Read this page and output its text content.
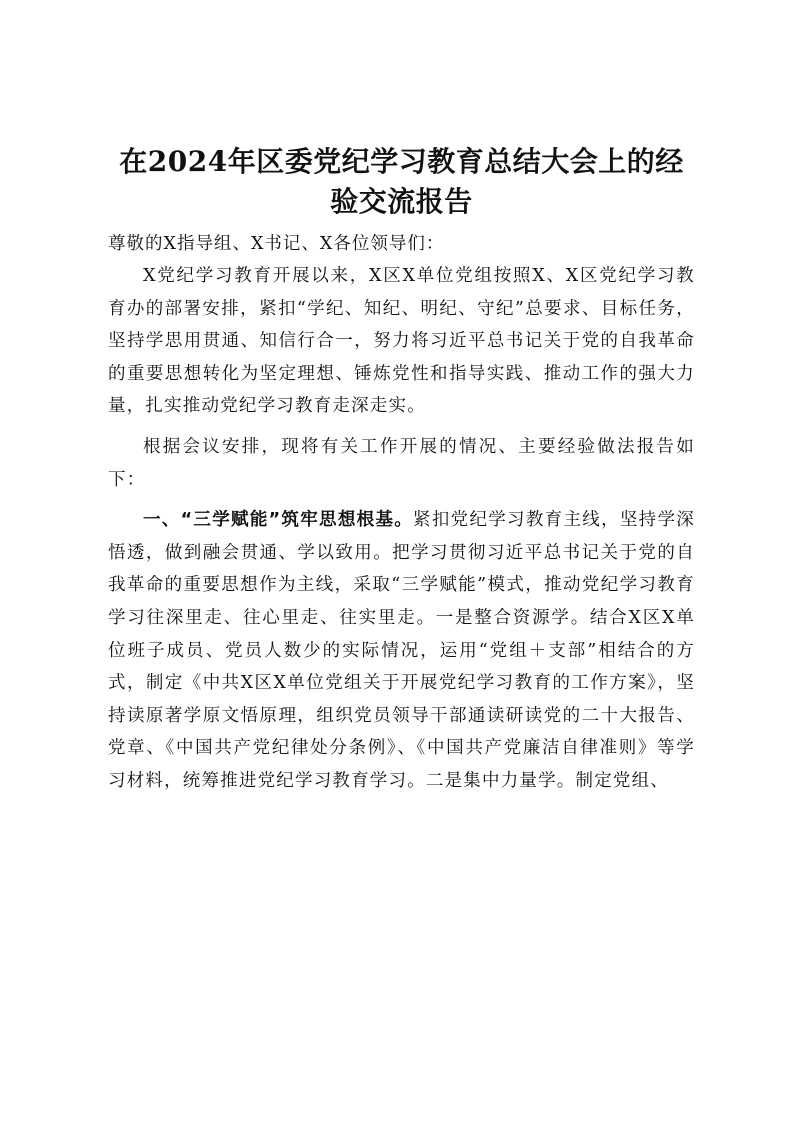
在2024年区委党纪学习教育总结大会上的经验交流报告

尊敬的X指导组、X书记、X各位领导们：

X党纪学习教育开展以来，X区X单位党组按照X、X区党纪学习教育办的部署安排，紧扣“学纪、知纪、明纪、守纪”总要求、目标任务，坚持学思用贯通、知信行合一，努力将习近平总书记关于党的自我革命的重要思想转化为坚定理想、锤炼党性和指导实践、推动工作的强大力量，扎实推动党纪学习教育走深走实。

根据会议安排，现将有关工作开展的情况、主要经验做法报告如下：

一、“三学赋能”筑牢思想根基。紧扣党纪学习教育主线，坚持学深悟透，做到融会贯通、学以致用。把学习贯彻习近平总书记关于党的自我革命的重要思想作为主线，采取“三学赋能”模式，推动党纪学习教育学习往深里走、往心里走、往实里走。一是整合资源学。结合X区X单位班子成员、党员人数少的实际情况，运用“党组＋支部”相结合的方式，制定《中共X区X单位党组关于开展党纪学习教育的工作方案》，坚持读原著学原文悟原理，组织党员领导干部通读研读党的二十大报告、党章、《中国共产党纪律处分条例》、《中国共产党廉洁自律准则》等学习材料，统筹推进党纪学习教育学习。二是集中力量学。制定党组、
